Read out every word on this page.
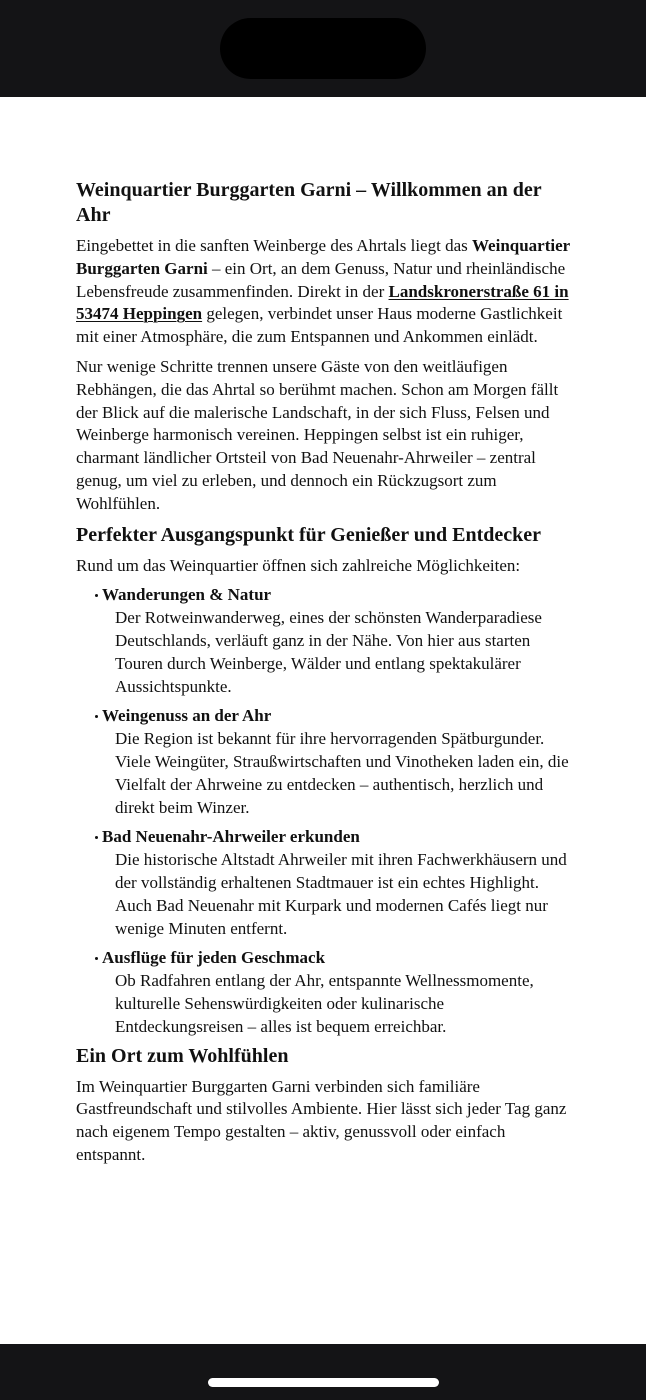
Weinquartier Burggarten Garni – Willkommen an der Ahr

Eingebettet in die sanften Weinberge des Ahrtals liegt das Weinquartier Burggarten Garni – ein Ort, an dem Genuss, Natur und rheinländische Lebensfreude zusammenfinden. Direkt in der Landskronerstraße 61 in 53474 Heppingen gelegen, verbindet unser Haus moderne Gastlichkeit mit einer Atmosphäre, die zum Entspannen und Ankommen einlädt.

Nur wenige Schritte trennen unsere Gäste von den weitläufigen Rebhängen, die das Ahrtal so berühmt machen. Schon am Morgen fällt der Blick auf die malerische Landschaft, in der sich Fluss, Felsen und Weinberge harmonisch vereinen. Heppingen selbst ist ein ruhiger, charmant ländlicher Ortsteil von Bad Neuenahr-Ahrweiler – zentral genug, um viel zu erleben, und dennoch ein Rückzugsort zum Wohlfühlen.

Perfekter Ausgangspunkt für Genießer und Entdecker

Rund um das Weinquartier öffnen sich zahlreiche Möglichkeiten:

Wanderungen & Natur
Der Rotweinwanderweg, eines der schönsten Wanderparadiese Deutschlands, verläuft ganz in der Nähe. Von hier aus starten Touren durch Weinberge, Wälder und entlang spektakulärer Aussichtspunkte.
Weingenuss an der Ahr
Die Region ist bekannt für ihre hervorragenden Spätburgunder. Viele Weingüter, Straußwirtschaften und Vinotheken laden ein, die Vielfalt der Ahrweine zu entdecken – authentisch, herzlich und direkt beim Winzer.
Bad Neuenahr-Ahrweiler erkunden
Die historische Altstadt Ahrweiler mit ihren Fachwerkhäusern und der vollständig erhaltenen Stadtmauer ist ein echtes Highlight. Auch Bad Neuenahr mit Kurpark und modernen Cafés liegt nur wenige Minuten entfernt.
Ausflüge für jeden Geschmack
Ob Radfahren entlang der Ahr, entspannte Wellnessmomente, kulturelle Sehenswürdigkeiten oder kulinarische Entdeckungsreisen – alles ist bequem erreichbar.
Ein Ort zum Wohlfühlen

Im Weinquartier Burggarten Garni verbinden sich familiäre Gastfreundschaft und stilvolles Ambiente. Hier lässt sich jeder Tag ganz nach eigenem Tempo gestalten – aktiv, genussvoll oder einfach entspannt.
